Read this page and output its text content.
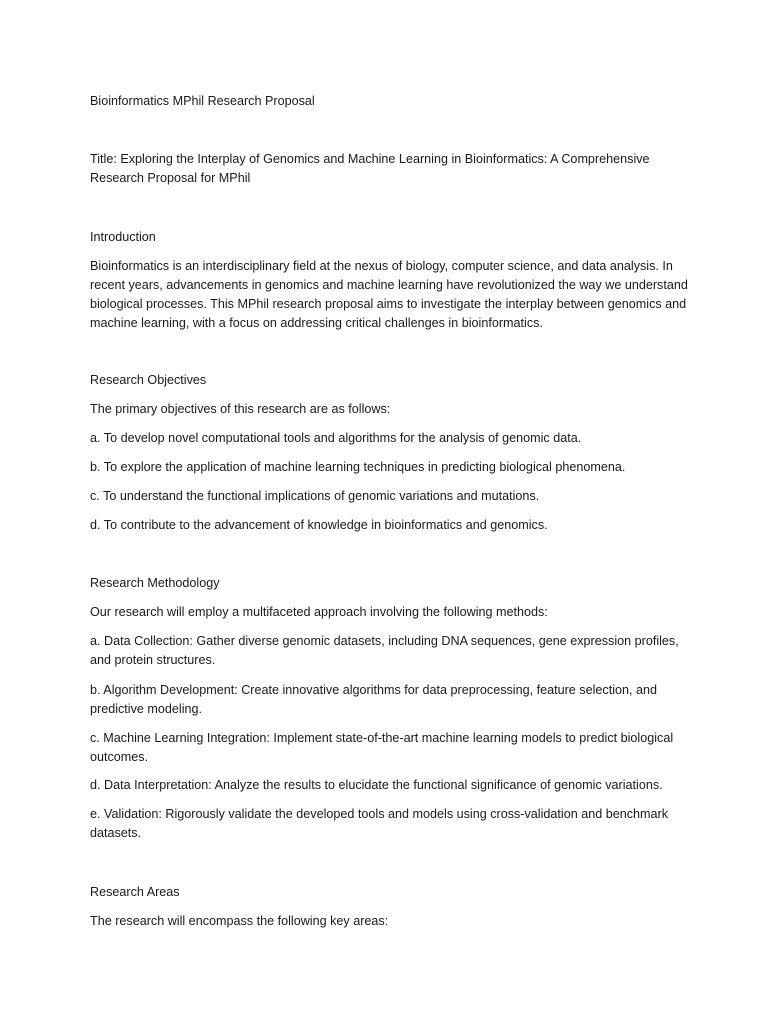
Bioinformatics MPhil Research Proposal

Title: Exploring the Interplay of Genomics and Machine Learning in Bioinformatics: A Comprehensive Research Proposal for MPhil

Introduction

Bioinformatics is an interdisciplinary field at the nexus of biology, computer science, and data analysis. In recent years, advancements in genomics and machine learning have revolutionized the way we understand biological processes. This MPhil research proposal aims to investigate the interplay between genomics and machine learning, with a focus on addressing critical challenges in bioinformatics.

Research Objectives

The primary objectives of this research are as follows:

a. To develop novel computational tools and algorithms for the analysis of genomic data.

b. To explore the application of machine learning techniques in predicting biological phenomena.

c. To understand the functional implications of genomic variations and mutations.

d. To contribute to the advancement of knowledge in bioinformatics and genomics.

Research Methodology

Our research will employ a multifaceted approach involving the following methods:

a. Data Collection: Gather diverse genomic datasets, including DNA sequences, gene expression profiles, and protein structures.

b. Algorithm Development: Create innovative algorithms for data preprocessing, feature selection, and predictive modeling.

c. Machine Learning Integration: Implement state-of-the-art machine learning models to predict biological outcomes.

d. Data Interpretation: Analyze the results to elucidate the functional significance of genomic variations.

e. Validation: Rigorously validate the developed tools and models using cross-validation and benchmark datasets.

Research Areas

The research will encompass the following key areas:
